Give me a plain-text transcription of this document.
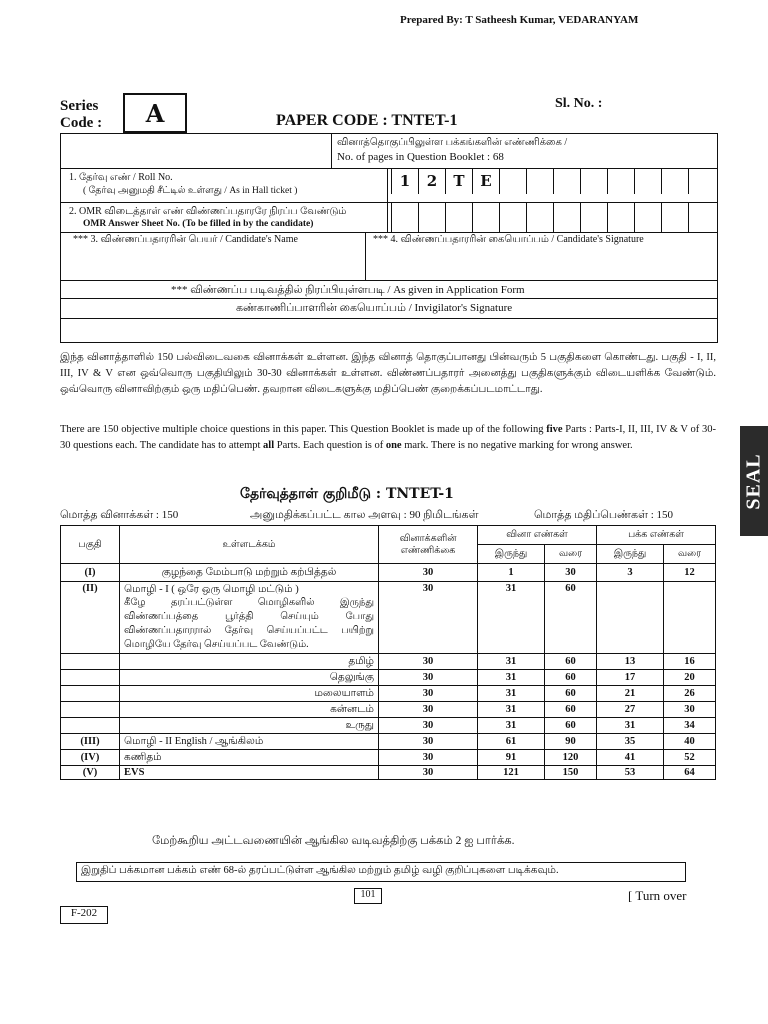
Prepared By: T Satheesh Kumar, VEDARANYAM
Series
Code :	A	Sl. No. :
PAPER CODE : TNTET-1
SEAL
வினாத்தொகுப்பிலுள்ள பக்கங்களின் எண்ணிக்கை /
No. of pages in Question Booklet : 68
1. தேர்வு எண் / Roll No.
( தேர்வு அனுமதி சீட்டில் உள்ளது / As in Hall ticket )
1	2	T	E
2. OMR விடைத்தாள் எண் விண்ணப்பதாரரே நிரப்ப வேண்டும்
OMR Answer Sheet No. (To be filled in by the candidate)
*** 3. விண்ணப்பதாரரின் பெயர் / Candidate's Name	*** 4. விண்ணப்பதாரரின் கையொப்பம் / Candidate's Signature
*** விண்ணப்ப படிவத்தில் நிரப்பியுள்ளபடி / As given in Application Form
கண்காணிப்பாளரின் கையொப்பம் / Invigilator's Signature
இந்த வினாத்தாளில் 150 பல்விடைவகை வினாக்கள் உள்ளன. இந்த வினாத் தொகுப்பானது பின்வரும் 5 பகுதிகளை கொண்டது. பகுதி - I, II, III, IV & V என ஒவ்வொரு பகுதியிலும் 30-30 வினாக்கள் உள்ளன. விண்ணப்பதாரர் அனைத்து பகுதிகளுக்கும் விடையளிக்க வேண்டும். ஒவ்வொரு வினாவிற்கும் ஒரு மதிப்பெண். தவறான விடைகளுக்கு மதிப்பெண் குறைக்கப்படமாட்டாது.
There are 150 objective multiple choice questions in this paper. This Question Booklet is made up of the following five Parts : Parts-I, II, III, IV & V of 30-30 questions each. The candidate has to attempt all Parts. Each question is of one mark. There is no negative marking for wrong answer.
தேர்வுத்தாள் குறிமீடு : TNTET-1
மொத்த வினாக்கள் : 150	அனுமதிக்கப்பட்ட கால அளவு : 90 நிமிடங்கள்	மொத்த மதிப்பெண்கள் : 150
பகுதி	உள்ளடக்கம்	வினாக்களின் எண்ணிக்கை	வினா எண்கள்		பக்க எண்கள்	
			இருந்து	வரை	இருந்து	வரை
(I)	குழந்தை மேம்பாடு மற்றும் கற்பித்தல்	30	1	30	3	12
(II)	மொழி - I ( ஒரே ஒரு மொழி மட்டும் )
கீழே தரப்பட்டுள்ள மொழிகளில் இருந்து விண்ணப்பத்தை பூர்த்தி செய்யும் போது விண்ணப்பதாரரால் தேர்வு செய்யப்பட்ட பயிற்று மொழியே தேர்வு செய்யப்பட வேண்டும்.	30	31	60		
	தமிழ்	30	31	60	13	16
	தெலுங்கு	30	31	60	17	20
	மலையாளம்	30	31	60	21	26
	கன்னடம்	30	31	60	27	30
	உருது	30	31	60	31	34
(III)	மொழி - II English / ஆங்கிலம்	30	61	90	35	40
(IV)	கணிதம்	30	91	120	41	52
(V)	EVS	30	121	150	53	64
மேற்கூறிய அட்டவணையின் ஆங்கில வடிவத்திற்கு பக்கம் 2 ஐ பார்க்க.
இறுதிப் பக்கமான பக்கம் எண் 68-ல் தரப்பட்டுள்ள ஆங்கில மற்றும் தமிழ் வழி குறிப்புகளை படிக்கவும்.
101	[ Turn over
F-202
